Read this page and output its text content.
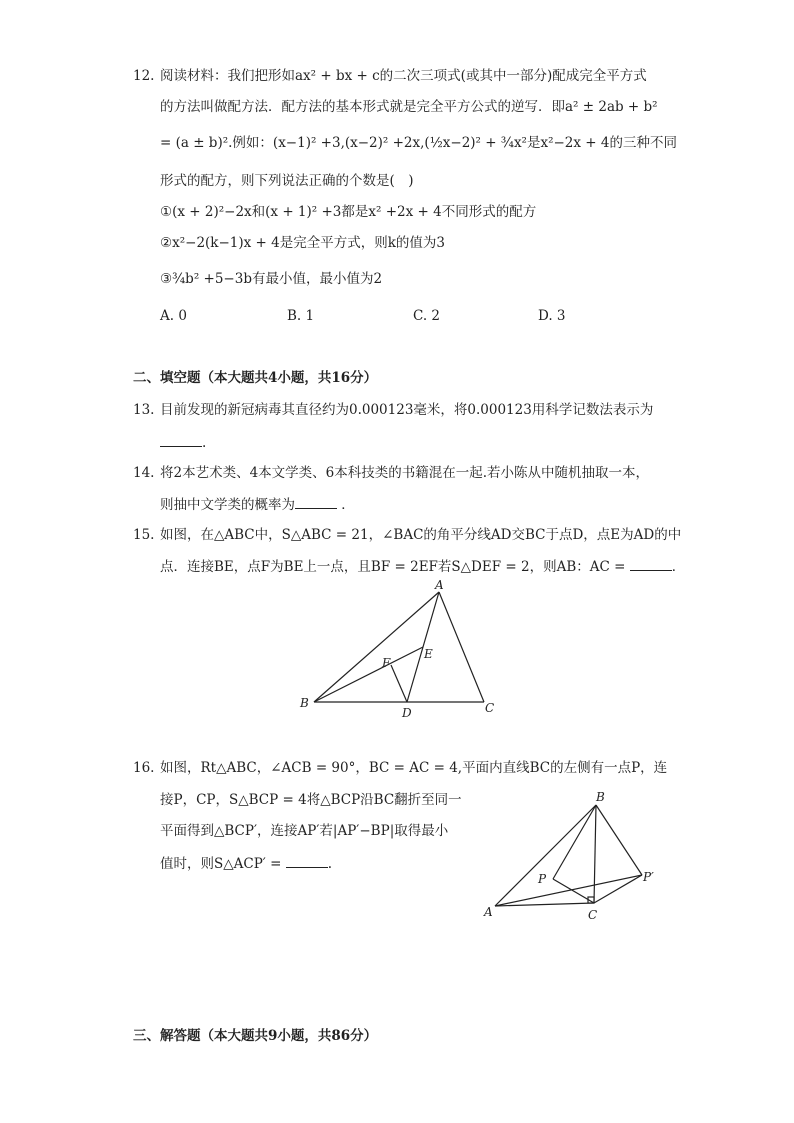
12. 阅读材料：我们把形如ax² + bx + c的二次三项式(或其中一部分)配成完全平方式
的方法叫做配方法．配方法的基本形式就是完全平方公式的逆写．即a² ± 2ab + b²
= (a ± b)².例如：(x−1)² +3,(x−2)² +2x,(½x−2)² + ¾x²是x²−2x + 4的三种不同
形式的配方，则下列说法正确的个数是(　)
①(x + 2)²−2x和(x + 1)² +3都是x² +2x + 4不同形式的配方
②x²−2(k−1)x + 4是完全平方式，则k的值为3
③¾b² +5−3b有最小值，最小值为2
A. 0	B. 1	C. 2	D. 3
二、填空题（本大题共4小题，共16分）
13. 目前发现的新冠病毒其直径约为0.000123毫米，将0.000123用科学记数法表示为
.
14. 将2本艺术类、4本文学类、6本科技类的书籍混在一起.若小陈从中随机抽取一本，
则抽中文学类的概率为	．
15. 如图，在△ABC中，S△ABC = 21，∠BAC的角平分线AD交BC于点D，点E为AD的中
点．连接BE，点F为BE上一点，且BF = 2EF若S△DEF = 2，则AB：AC =	．
A
B	C
D
E
F
16. 如图，Rt△ABC，∠ACB = 90°，BC = AC = 4,平面内直线BC的左侧有一点P，连
接P，CP，S△BCP = 4将△BCP沿BC翻折至同一
平面得到△BCP′，连接AP′若|AP′−BP|取得最小
值时，则S△ACP′ =	.
B
A	C
P	P′
三、解答题（本大题共9小题，共86分）
